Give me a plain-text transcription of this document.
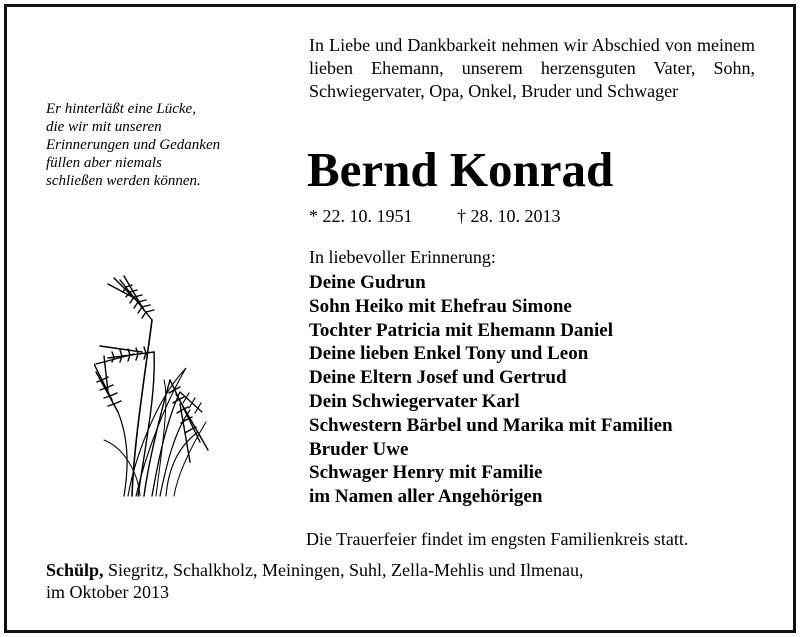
In Liebe und Dankbarkeit nehmen wir Abschied von meinem lieben Ehemann, unserem herzensguten Vater, Sohn, Schwiegervater, Opa, Onkel, Bruder und Schwager
Er hinterläßt eine Lücke,
die wir mit unseren
Erinnerungen und Gedanken
füllen aber niemals
schließen werden können.	Bernd Konrad
* 22. 10. 1951 † 28. 10. 2013
In liebevoller Erinnerung:
Deine Gudrun
Sohn Heiko mit Ehefrau Simone
Tochter Patricia mit Ehemann Daniel
Deine lieben Enkel Tony und Leon
Deine Eltern Josef und Gertrud
Dein Schwiegervater Karl
Schwestern Bärbel und Marika mit Familien
Bruder Uwe
Schwager Henry mit Familie
im Namen aller Angehörigen
Die Trauerfeier findet im engsten Familienkreis statt.
Schülp, Siegritz, Schalkholz, Meiningen, Suhl, Zella-Mehlis und Ilmenau,
im Oktober 2013
